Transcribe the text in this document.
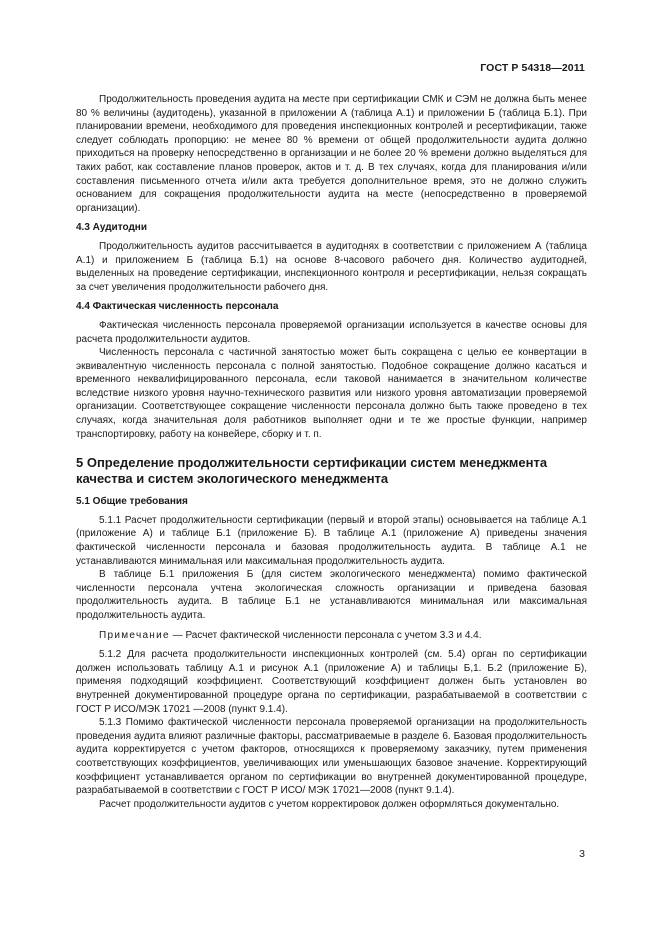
ГОСТ Р 54318—2011

Продолжительность проведения аудита на месте при сертификации СМК и СЭМ не должна быть менее 80 % величины (аудитодень), указанной в приложении А (таблица А.1) и приложении Б (таблица Б.1). При планировании времени, необходимого для проведения инспекционных контролей и ресертификации, также следует соблюдать пропорцию: не менее 80 % времени от общей продолжительности аудита должно приходиться на проверку непосредственно в организации и не более 20 % времени должно выделяться для таких работ, как составление планов проверок, актов и т. д. В тех случаях, когда для планирования и/или составления письменного отчета и/или акта требуется дополнительное время, это не должно служить основанием для сокращения продолжительности аудита на месте (непосредственно в проверяемой организации).

4.3 Аудитодни

Продолжительность аудитов рассчитывается в аудитоднях в соответствии с приложением А (таблица А.1) и приложением Б (таблица Б.1) на основе 8-часового рабочего дня. Количество аудитодней, выделенных на проведение сертификации, инспекционного контроля и ресертификации, нельзя сокращать за счет увеличения продолжительности рабочего дня.

4.4 Фактическая численность персонала

Фактическая численность персонала проверяемой организации используется в качестве основы для расчета продолжительности аудитов.

Численность персонала с частичной занятостью может быть сокращена с целью ее конвертации в эквивалентную численность персонала с полной занятостью. Подобное сокращение должно касаться и временного неквалифицированного персонала, если таковой нанимается в значительном количестве вследствие низкого уровня научно-технического развития или низкого уровня автоматизации проверяемой организации. Соответствующее сокращение численности персонала должно быть также проведено в тех случаях, когда значительная доля работников выполняет одни и те же простые функции, например транспортировку, работу на конвейере, сборку и т. п.

5 Определение продолжительности сертификации систем менеджмента качества и систем экологического менеджмента
5.1 Общие требования

5.1.1 Расчет продолжительности сертификации (первый и второй этапы) основывается на таблице А.1 (приложение А) и таблице Б.1 (приложение Б). В таблице А.1 (приложение А) приведены значения фактической численности персонала и базовая продолжительность аудита. В таблице А.1 не устанавливаются минимальная или максимальная продолжительность аудита.

В таблице Б.1 приложения Б (для систем экологического менеджмента) помимо фактической численности персонала учтена экологическая сложность организации и приведена базовая продолжительность аудита. В таблице Б.1 не устанавливаются минимальная или максимальная продолжительность аудита.

Примечание — Расчет фактической численности персонала с учетом 3.3 и 4.4.

5.1.2 Для расчета продолжительности инспекционных контролей (см. 5.4) орган по сертификации должен использовать таблицу А.1 и рисунок А.1 (приложение А) и таблицы Б,1. Б.2 (приложение Б), применяя подходящий коэффициент. Соответствующий коэффициент должен быть установлен во внутренней документированной процедуре органа по сертификации, разрабатываемой в соответствии с ГОСТ Р ИСО/МЭК 17021 —2008 (пункт 9.1.4).

5.1.3 Помимо фактической численности персонала проверяемой организации на продолжительность проведения аудита влияют различные факторы, рассматриваемые в разделе 6. Базовая продолжительность аудита корректируется с учетом факторов, относящихся к проверяемому заказчику, путем применения соответствующих коэффициентов, увеличивающих или уменьшающих базовое значение. Корректирующий коэффициент устанавливается органом по сертификации во внутренней документированной процедуре, разрабатываемой в соответствии с ГОСТ Р ИСО/ МЭК 17021—2008 (пункт 9.1.4).

Расчет продолжительности аудитов с учетом корректировок должен оформляться документально.

3
